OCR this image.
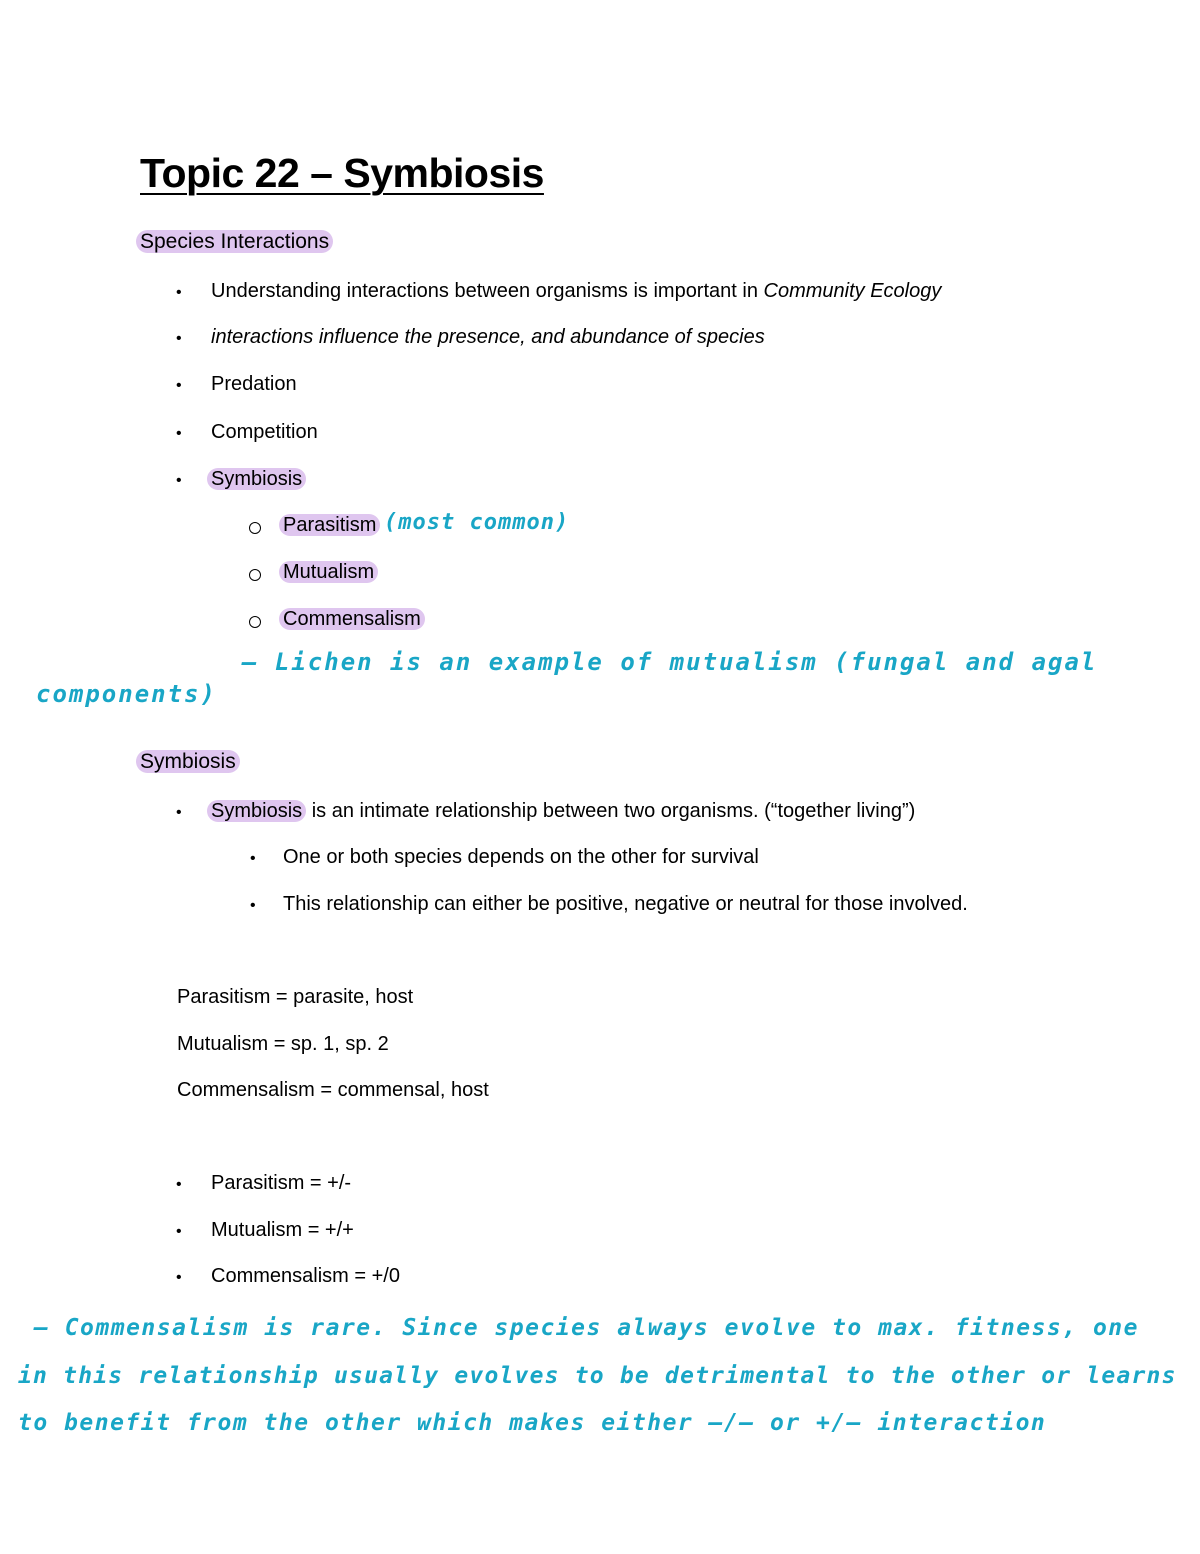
Topic 22 – Symbiosis
Species Interactions
• Understanding interactions between organisms is important in Community Ecology
• interactions influence the presence, and abundance of species
• Predation
• Competition
• Symbiosis
Parasitism (most common)
Mutualism
Commensalism
– Lichen is an example of mutualism (fungal and agal
components)
Symbiosis
• Symbiosis is an intimate relationship between two organisms. (“together living”)
• One or both species depends on the other for survival
• This relationship can either be positive, negative or neutral for those involved.
Parasitism = parasite, host
Mutualism = sp. 1, sp. 2
Commensalism = commensal, host
• Parasitism = +/-
• Mutualism = +/+
• Commensalism = +/0
– Commensalism is rare. Since species always evolve to max. fitness, one
in this relationship usually evolves to be detrimental to the other or learns
to benefit from the other which makes either –/– or +/– interaction
